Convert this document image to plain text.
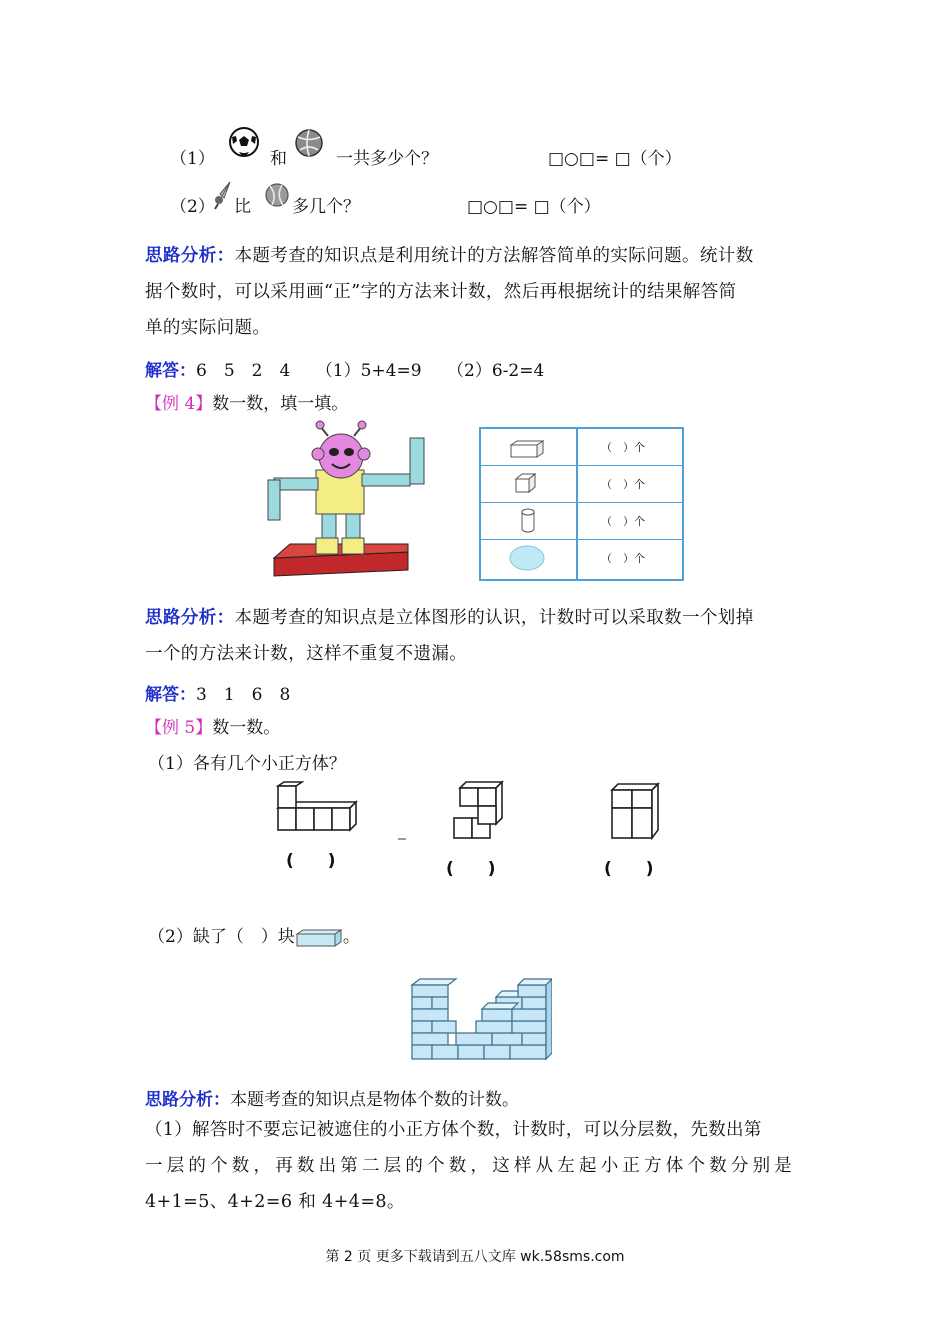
（1）	和	一共多少个？	□○□= □（个）
（2） 比 多几个？	□○□= □（个）
思路分析：本题考查的知识点是利用统计的方法解答简单的实际问题。统计数
据个数时，可以采用画“正”字的方法来计数，然后再根据统计的结果解答简
单的实际问题。
解答：6　5　2　4　　（1）5+4=9　　（2）6-2=4
【例 4】数一数，填一填。
（　）个
（　）个
（　）个
（　）个
思路分析：本题考查的知识点是立体图形的认识，计数时可以采取数一个划掉
一个的方法来计数，这样不重复不遗漏。
解答：3　1　6　8
【例 5】数一数。
（1）各有几个小正方体？
(　　)	(　　)	(　　)
（2）缺了（　）块	。
思路分析：本题考查的知识点是物体个数的计数。
（1）解答时不要忘记被遮住的小正方体个数，计数时，可以分层数，先数出第
一层的个数，再数出第二层的个数，这样从左起小正方体个数分别是
4+1=5、4+2=6 和 4+4=8。
第 2 页 更多下载请到五八文库 wk.58sms.com
